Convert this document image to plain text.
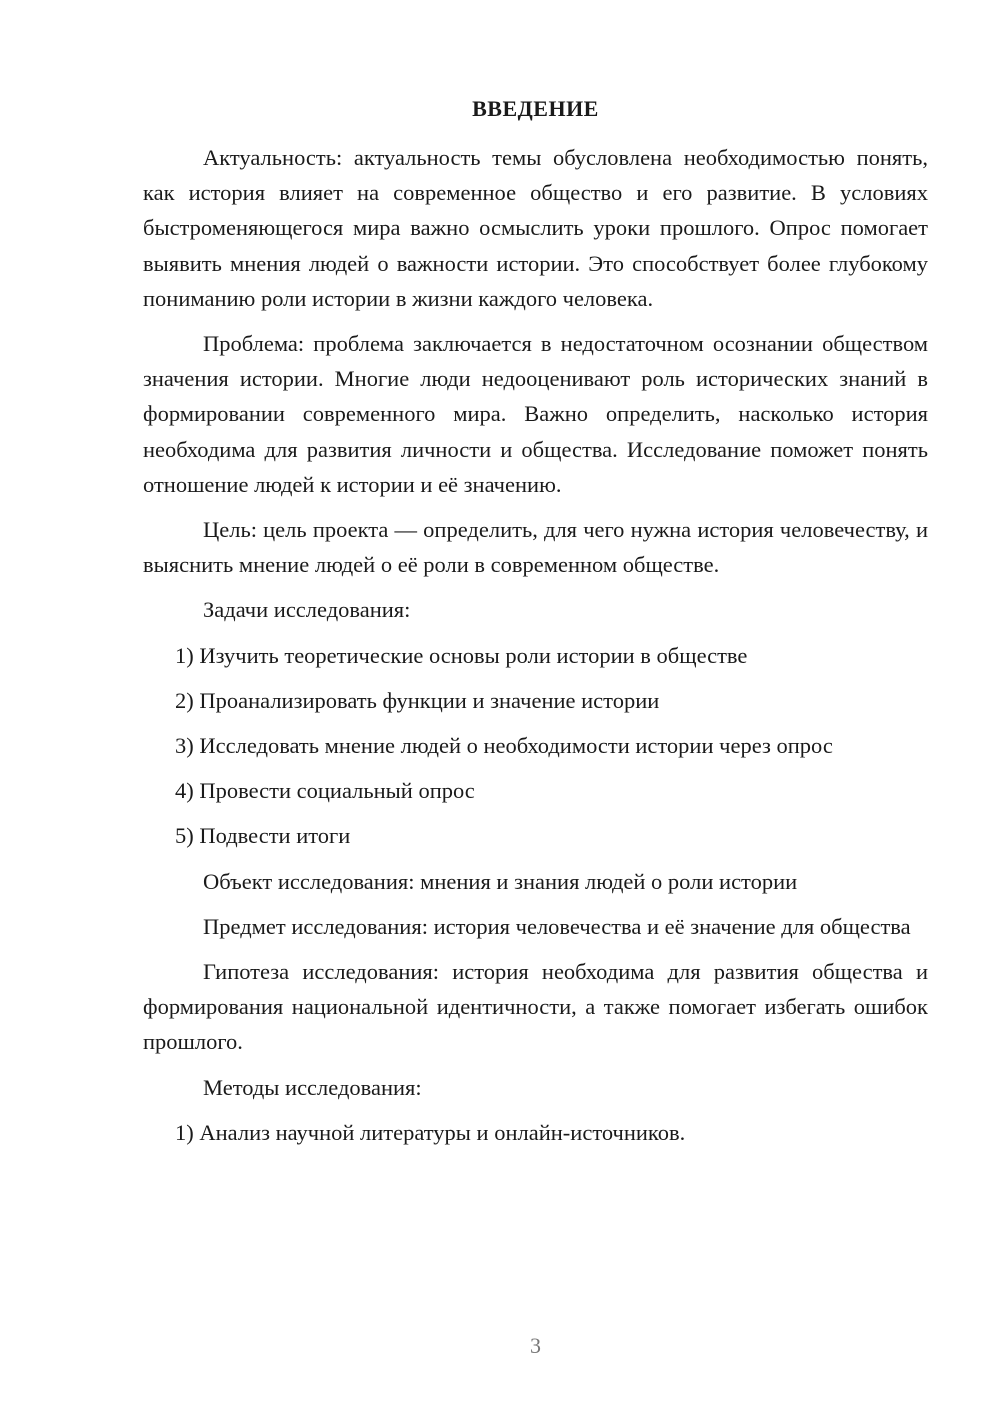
ВВЕДЕНИЕ

Актуальность: актуальность темы обусловлена необходимостью понять, как история влияет на современное общество и его развитие. В условиях быстроменяющегося мира важно осмыслить уроки прошлого. Опрос помогает выявить мнения людей о важности истории. Это способствует более глубокому пониманию роли истории в жизни каждого человека.

Проблема: проблема заключается в недостаточном осознании обществом значения истории. Многие люди недооценивают роль исторических знаний в формировании современного мира. Важно определить, насколько история необходима для развития личности и общества. Исследование поможет понять отношение людей к истории и её значению.

Цель: цель проекта — определить, для чего нужна история человечеству, и выяснить мнение людей о её роли в современном обществе.

Задачи исследования:

1) Изучить теоретические основы роли истории в обществе

2) Проанализировать функции и значение истории

3) Исследовать мнение людей о необходимости истории через опрос

4) Провести социальный опрос

5) Подвести итоги

Объект исследования: мнения и знания людей о роли истории

Предмет исследования: история человечества и её значение для общества

Гипотеза исследования: история необходима для развития общества и формирования национальной идентичности, а также помогает избегать ошибок прошлого.

Методы исследования:

1) Анализ научной литературы и онлайн-источников.

3
